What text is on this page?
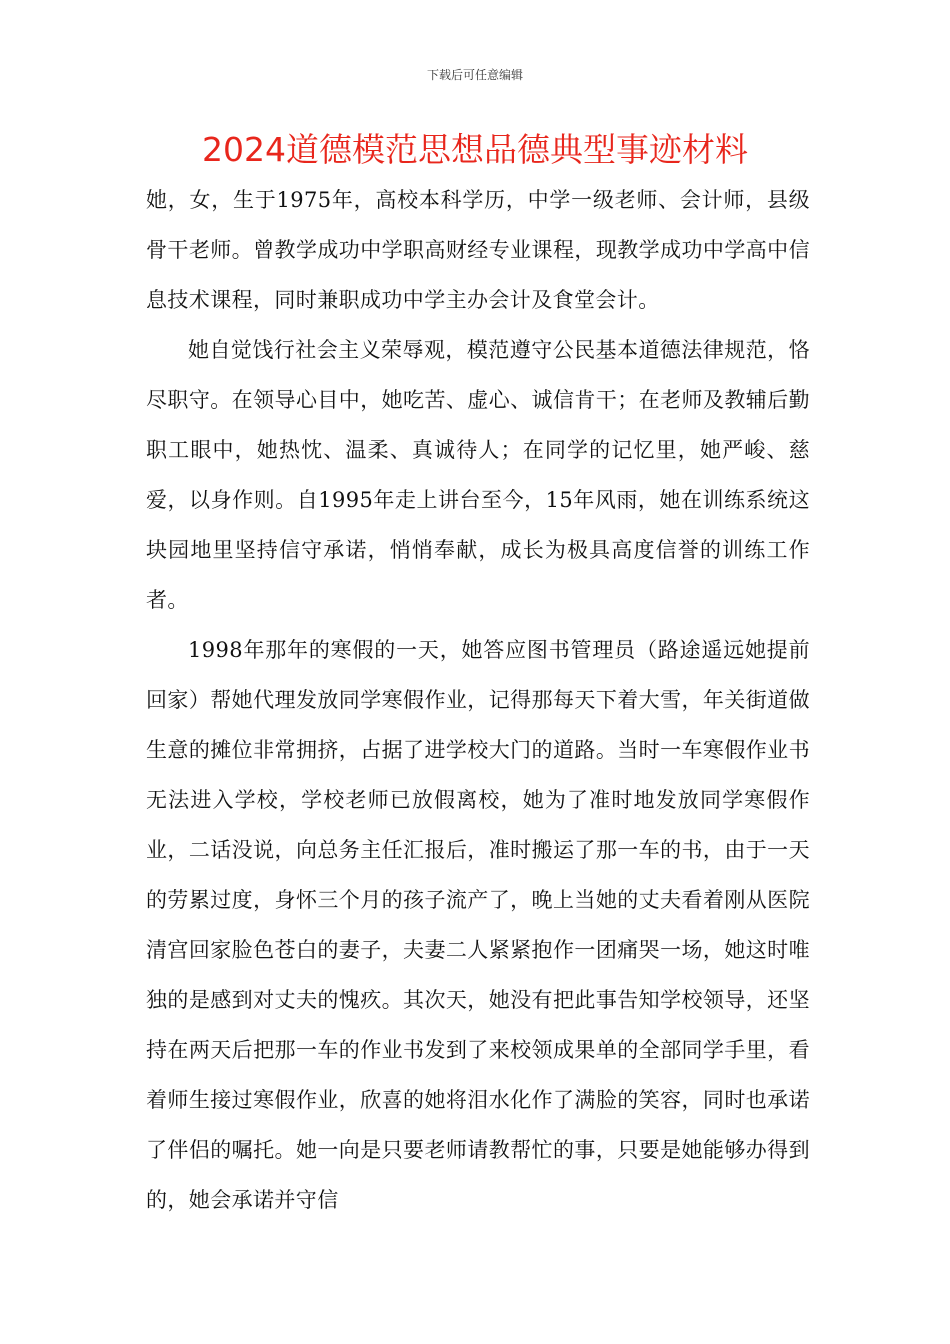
下载后可任意编辑
2024道德模范思想品德典型事迹材料

她，女，生于1975年，高校本科学历，中学一级老师、会计师，县级骨干老师。曾教学成功中学职高财经专业课程，现教学成功中学高中信息技术课程，同时兼职成功中学主办会计及食堂会计。

她自觉饯行社会主义荣辱观，模范遵守公民基本道德法律规范，恪尽职守。在领导心目中，她吃苦、虚心、诚信肯干；在老师及教辅后勤职工眼中，她热忱、温柔、真诚待人；在同学的记忆里，她严峻、慈爱，以身作则。自1995年走上讲台至今，15年风雨，她在训练系统这块园地里坚持信守承诺，悄悄奉献，成长为极具高度信誉的训练工作者。

1998年那年的寒假的一天，她答应图书管理员（路途遥远她提前回家）帮她代理发放同学寒假作业，记得那每天下着大雪，年关街道做生意的摊位非常拥挤，占据了进学校大门的道路。当时一车寒假作业书无法进入学校，学校老师已放假离校，她为了准时地发放同学寒假作业，二话没说，向总务主任汇报后，准时搬运了那一车的书，由于一天的劳累过度，身怀三个月的孩子流产了，晚上当她的丈夫看着刚从医院清宫回家脸色苍白的妻子，夫妻二人紧紧抱作一团痛哭一场，她这时唯独的是感到对丈夫的愧疚。其次天，她没有把此事告知学校领导，还坚持在两天后把那一车的作业书发到了来校领成果单的全部同学手里，看着师生接过寒假作业，欣喜的她将泪水化作了满脸的笑容，同时也承诺了伴侣的嘱托。她一向是只要老师请教帮忙的事，只要是她能够办得到的，她会承诺并守信
